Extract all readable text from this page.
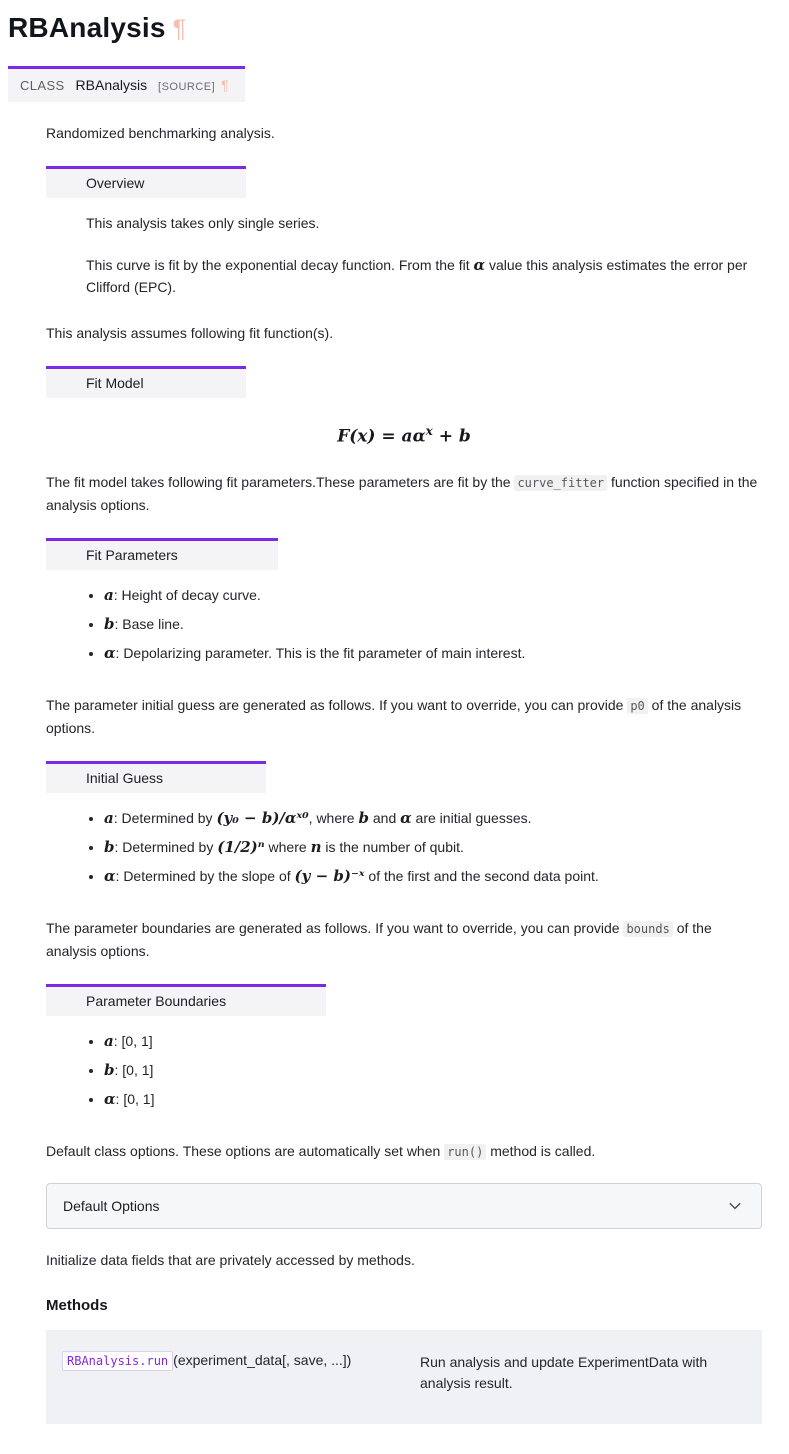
RBAnalysis ¶
CLASS RBAnalysis [SOURCE] ¶

Randomized benchmarking analysis.

Overview

This analysis takes only single series.

This curve is fit by the exponential decay function. From the fit α value this analysis estimates the error per Clifford (EPC).

This analysis assumes following fit function(s).

Fit Model
$F(x) = a\alpha^x + b$

The fit model takes following fit parameters.These parameters are fit by the curve_fitter function specified in the analysis options.

Fit Parameters
• a: Height of decay curve.
• b: Base line.
• α: Depolarizing parameter. This is the fit parameter of main interest.

The parameter initial guess are generated as follows. If you want to override, you can provide p0 of the analysis options.

Initial Guess
• a: Determined by (y₀ − b)/αˣ⁰, where b and α are initial guesses.
• b: Determined by (1/2)ⁿ where n is the number of qubit.
• α: Determined by the slope of (y − b)⁻ˣ of the first and the second data point.

The parameter boundaries are generated as follows. If you want to override, you can provide bounds of the analysis options.

Parameter Boundaries
• a: [0, 1]
• b: [0, 1]
• α: [0, 1]

Default class options. These options are automatically set when run() method is called.

Default Options

Initialize data fields that are privately accessed by methods.

Methods
RBAnalysis.run (experiment_data[, save, ...])	Run analysis and update ExperimentData with analysis result.
